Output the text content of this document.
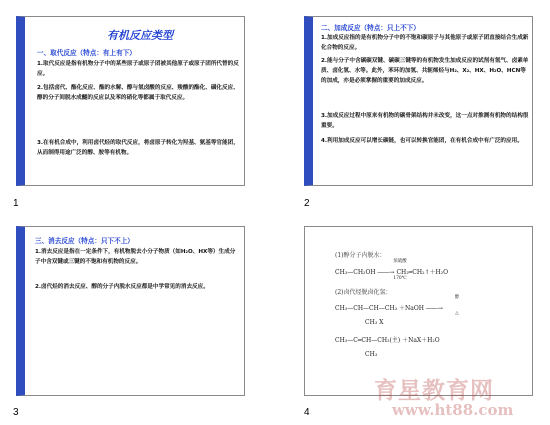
有机反应类型
一、取代反应（特点：有上有下）
1.取代反应是指有机物分子中的某些原子或原子团被其他原子或原子团所代替的反应。
2.包括卤代、酯化反应、酯的水解、醇与氢卤酸的反应、羧酸的酯化、磺化反应、醇的分子间脱水成醚的反应以及苯的硝化等都属于取代反应。
3.在有机合成中，利用卤代烃的取代反应，将卤原子转化为羟基、氨基等官能团，从而制得用途广泛的醇、胺等有机物。
1
二、加成反应（特点：只上不下）
1.加成反应指的是有机物分子中的不饱和碳原子与其他原子或原子团直接结合生成新化合物的反应。
2.能与分子中含碳碳双键、碳碳三键等的有机物发生加成反应的试剂有氢气、卤素单质、卤化氢、水等。此外，苯环的加氢、共轭烯烃与H₂、X₂、HX、H₂O、HCN等的加成，亦是必须掌握的重要的加成反应。
3.加成反应过程中原来有机物的碳骨架结构并未改变，这一点对推测有机物的结构很重要。
4.利用加成反应可以增长碳链，也可以转换官能团，在有机合成中有广泛的应用。
2
三、消去反应（特点：只下不上）
1.消去反应是指在一定条件下，有机物脱去小分子物质（如H₂O、HX等）生成分子中含双键或三键的不饱和有机物的反应。
2.卤代烃的消去反应、醇的分子内脱水反应都是中学常见的消去反应。
3
(1)醇分子内脱水：
浓硫酸
CH₃—CH₂OH ――→ CH₂═CH₂↑＋H₂O
170℃
(2)卤代烃脱卤化氢：
醇
CH₃—CH—CH—CH₃ ＋NaOH ――→
△
CH₃ X
CH₃—C═CH—CH₃(主) ＋NaX＋H₂O
CH₃
4
育星教育网
www.ht88.com
